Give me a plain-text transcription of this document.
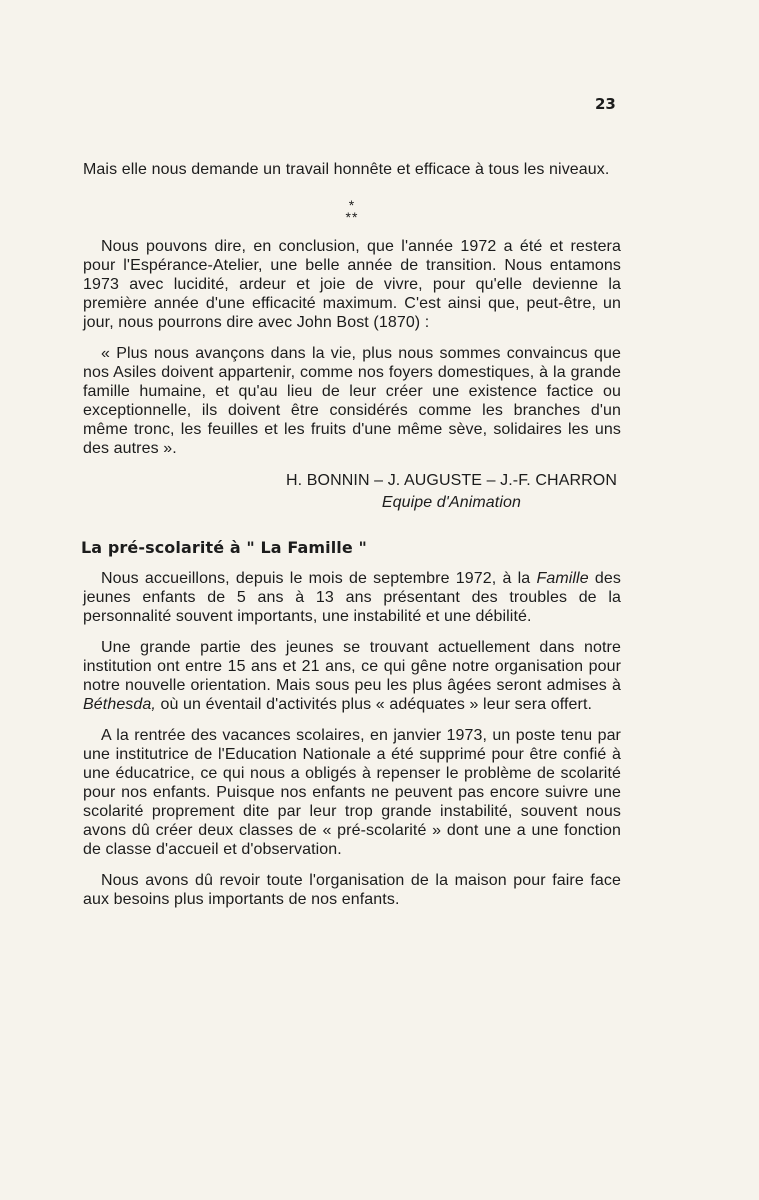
23

Mais elle nous demande un travail honnête et efficace à tous les niveaux.

*
**

Nous pouvons dire, en conclusion, que l'année 1972 a été et restera pour l'Espérance-Atelier, une belle année de transition. Nous entamons 1973 avec lucidité, ardeur et joie de vivre, pour qu'elle devienne la première année d'une efficacité maximum. C'est ainsi que, peut-être, un jour, nous pourrons dire avec John Bost (1870) :

« Plus nous avançons dans la vie, plus nous sommes convaincus que nos Asiles doivent appartenir, comme nos foyers domestiques, à la grande famille humaine, et qu'au lieu de leur créer une existence factice ou exceptionnelle, ils doivent être considérés comme les branches d'un même tronc, les feuilles et les fruits d'une même sève, solidaires les uns des autres ».

H. BONNIN – J. AUGUSTE – J.-F. CHARRON
Equipe d'Animation
La pré-scolarité à " La Famille "

Nous accueillons, depuis le mois de septembre 1972, à la Famille des jeunes enfants de 5 ans à 13 ans présentant des troubles de la personnalité souvent importants, une instabilité et une débilité.

Une grande partie des jeunes se trouvant actuellement dans notre institution ont entre 15 ans et 21 ans, ce qui gêne notre organisation pour notre nouvelle orientation. Mais sous peu les plus âgées seront admises à Béthesda, où un éventail d'activités plus « adéquates » leur sera offert.

A la rentrée des vacances scolaires, en janvier 1973, un poste tenu par une institutrice de l'Education Nationale a été supprimé pour être confié à une éducatrice, ce qui nous a obligés à repenser le problème de scolarité pour nos enfants. Puisque nos enfants ne peuvent pas encore suivre une scolarité proprement dite par leur trop grande instabilité, souvent nous avons dû créer deux classes de « pré-scolarité » dont une a une fonction de classe d'accueil et d'observation.

Nous avons dû revoir toute l'organisation de la maison pour faire face aux besoins plus importants de nos enfants.
